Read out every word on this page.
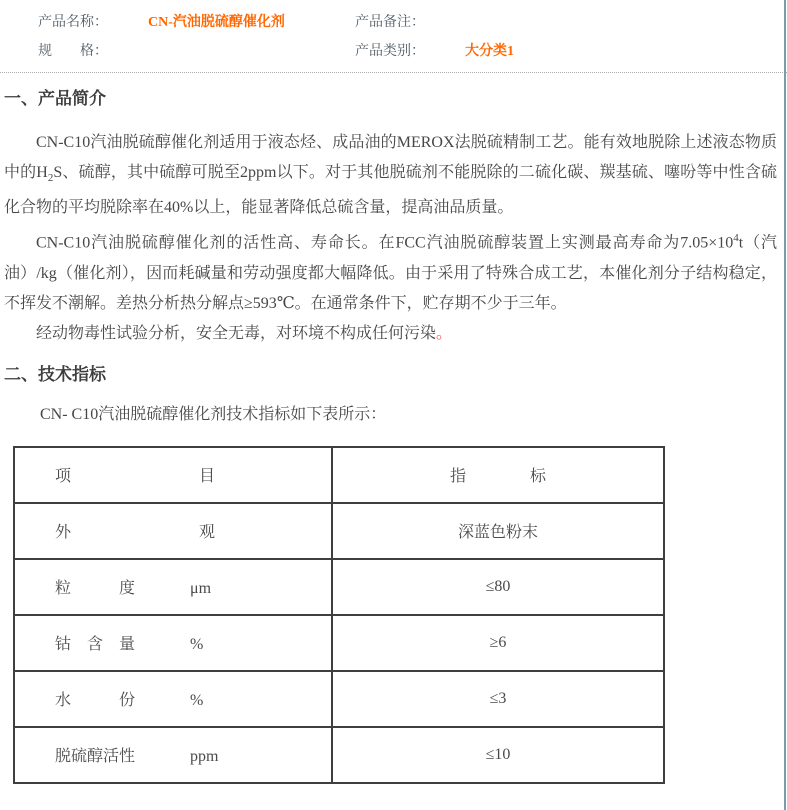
产品名称：	CN-汽油脱硫醇催化剂	产品备注：
规　　格：	产品类别：	大分类1
一、产品简介

CN-C10汽油脱硫醇催化剂适用于液态烃、成品油的MEROX法脱硫精制工艺。能有效地脱除上述液态物质中的$H_2S$、硫醇，其中硫醇可脱至2ppm以下。对于其他脱硫剂不能脱除的二硫化碳、羰基硫、噻吩等中性含硫化合物的平均脱除率在40%以上，能显著降低总硫含量，提高油品质量。

CN-C10汽油脱硫醇催化剂的活性高、寿命长。在FCC汽油脱硫醇装置上实测最高寿命为$7.05\times 10^4t$（汽油）/kg（催化剂），因而耗碱量和劳动强度都大幅降低。由于采用了特殊合成工艺，本催化剂分子结构稳定，不挥发不潮解。差热分析热分解点≥593℃。在通常条件下，贮存期不少于三年。

经动物毒性试验分析，安全无毒，对环境不构成任何污染。

二、技术指标

CN- C10汽油脱硫醇催化剂技术指标如下表所示：

项　　　　　　　　目	指　　　　标
外　　　　　　　　观	深蓝色粉末
粒　　　度 μm	≤80
钴　含　量 %	≥6
水　　　份 %	≤3
脱硫醇活性 ppm	≤10
